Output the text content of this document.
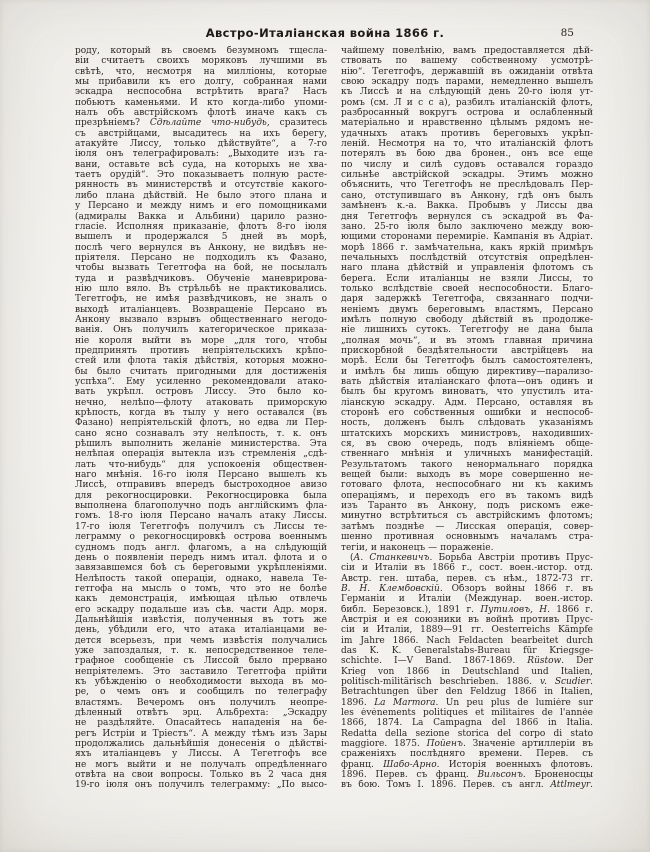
Австро-Италіанская война 1866 г.	85
роду, который въ своемъ безумномъ тщесла-
віи считаетъ своихъ моряковъ лучшими въ
свѣтѣ, что, несмотря на милліоны, которые
мы прибавили къ его долгу, собранная нами
эскадра неспособна встрѣтить врага? Насъ
побьютъ каменьями. И кто когда-либо упоми-
налъ объ австрійскомъ флотѣ иначе какъ съ
презрѣніемъ? Сдѣлайте что-нибудь, сразитесь
съ австрійцами, высадитесь на ихъ берегу,
атакуйте Лиссу, только дѣйствуйте“, а 7-го
іюля онъ телеграфировалъ: „Выходите изъ га-
вани, оставьте всѣ суда, на которыхъ не хва-
таетъ орудій“. Это показываетъ полную расте-
рянность въ министерствѣ и отсутствіе какого-
либо плана дѣйствій. Не было этого плана и
у Персано и между нимъ и его помощниками
(адмиралы Вакка и Альбини) царило разно-
гласіе. Исполняя приказаніе, флотъ 8-го іюля
вышелъ и продержался 5 дней въ морѣ,
послѣ чего вернулся въ Анкону, не видѣвъ не-
пріятеля. Персано не подходилъ къ Фазано,
чтобы вызвать Тегетгофа на бой, не посылалъ
туда и развѣдчиковъ. Обученіе маневрирова-
нію шло вяло. Въ стрѣльбѣ не практиковались.
Тегетгофъ, не имѣя развѣдчиковъ, не зналъ о
выходѣ италіанцевъ. Возвращеніе Персано въ
Анкону вызвало взрывъ общественнаго негодо-
ванія. Онъ получилъ категорическое приказа-
ніе короля выйти въ море „для того, чтобы
предпринять противъ непріятельскихъ крѣпо-
стей или флота такія дѣйствія, которыя можно-
бы было считать пригодными для достиженія
успѣха“. Ему усиленно рекомендовали атако-
вать укрѣпл. островъ Лиссу. Это было ко-
нечно, нелѣпо—флоту атаковать приморскую
крѣпость, когда въ тылу у него оставался (въ
Фазано) непріятельскій флотъ, но едва ли Пер-
сано ясно сознавалъ эту нелѣпость, т. к. онъ
рѣшилъ выполнить желаніе министерства. Эта
нелѣпая операція вытекла изъ стремленія „сдѣ-
лать что-нибудь“ для успокоенія обществен-
наго мнѣнія. 16-го іюля Персано вышелъ къ
Лиссѣ, отправивъ впередъ быстроходное авизо
для рекогносцировки. Рекогносцировка была
выполнена благополучно подъ англійскимъ фла-
гомъ. 18-го іюля Персано началъ атаку Лиссы.
17-го іюля Тегетгофъ получилъ съ Лиссы те-
леграмму о рекогносцировкѣ острова военнымъ
судномъ подъ англ. флагомъ, а на слѣдующій
день о появленіи передъ нимъ итал. флота и о
завязавшемся боѣ съ береговыми укрѣпленіями.
Нелѣпость такой операціи, однако, навела Те-
гетгофа на мысль о томъ, что это не болѣе
какъ демонстрація, имѣющая цѣлью отвлечь
его эскадру подальше изъ сѣв. части Адр. моря.
Дальнѣйшія извѣстія, полученныя въ тотъ же
день, убѣдили его, что атака италіанцами ве-
дется всерьезъ, при чемъ извѣстія получались
уже запоздалыя, т. к. непосредственное теле-
графное сообщеніе съ Лиссой было прервано
непріятелемъ. Это заставило Тегетгофа прійти
къ убѣжденію о необходимости выхода въ мо-
ре, о чемъ онъ и сообщилъ по телеграфу
властямъ. Вечеромъ онъ получилъ неопре-
дѣленный отвѣтъ эрц. Альбрехта: „Эскадру
не раздѣляйте. Опасайтесь нападенія на бе-
регъ Истріи и Тріестъ“. А между тѣмъ изъ Зары
продолжались дальнѣйшія донесенія о дѣйстві-
яхъ италіанцевъ у Лиссы. А Тегетгофъ все
не могъ выйти и не получалъ опредѣленнаго
отвѣта на свои вопросы. Только въ 2 часа дня
19-го іюля онъ получилъ телеграмму: „По высо-
чайшему повелѣнію, вамъ предоставляется дѣй-
ствовать по вашему собственному усмотрѣ-
нію“. Тегетгофъ, державшій въ ожиданіи отвѣта
свою эскадру подъ парами, немедленно вышелъ
къ Лиссѣ и на слѣдующій день 20-го іюля ут-
ромъ (см. Л и с с а), разбилъ италіанскій флотъ,
разбросанный вокругъ острова и ослабленный
матеріально и нравственно цѣлымъ рядомъ не-
удачныхъ атакъ противъ береговыхъ укрѣп-
леній. Несмотря на то, что италіанскій флотъ
потерялъ въ бою два бронен., онъ все еще
по числу и силѣ судовъ оставался гораздо
сильнѣе австрійской эскадры. Этимъ можно
объяснить, что Тегетгофъ не преслѣдовалъ Пер-
сано, отступившаго въ Анкону, гдѣ онъ былъ
замѣненъ к.-а. Вакка. Пробывъ у Лиссы два
дня Тегетгофъ вернулся съ эскадрой въ Фа-
зано. 25-го іюля было заключено между вою-
ющими сторонами перемиріе. Кампанія въ Адріат.
морѣ 1866 г. замѣчательна, какъ яркій примѣръ
печальныхъ послѣдствій отсутствія опредѣлен-
наго плана дѣйствій и управленія флотомъ съ
берега. Если италіанцы не взяли Лиссы, то
только вслѣдствіе своей неспособности. Благо-
даря задержкѣ Тегетгофа, связаннаго подчи-
неніемъ двумъ береговымъ властямъ, Персано
имѣлъ полную свободу дѣйствій въ продолже-
ніе лишнихъ сутокъ. Тегетгофу не дана была
„полная мочь“, и въ этомъ главная причина
прискорбной бездѣятельности австрійцевъ на
морѣ. Если бы Тегетгофъ былъ самостоятеленъ,
и имѣлъ бы лишь общую директиву—парализо-
вать дѣйствія италіанскаго флота—онъ одинъ и
былъ бы кругомъ виноватъ, что упустилъ ита-
ліанскую эскадру. Адм. Персано, оставляя въ
сторонѣ его собственныя ошибки и неспособ-
ность, долженъ былъ слѣдовать указаніямъ
штатскихъ морскихъ министровъ, находивших-
ся, въ свою очередь, подъ вліяніемъ обще-
ственнаго мнѣнія и уличныхъ манифестацій.
Результатомъ такого ненормальнаго порядка
вещей были: выходъ въ море совершенно не-
готоваго флота, неспособнаго ни къ какимъ
операціямъ, и переходъ его въ такомъ видѣ
изъ Таранто въ Анкону, подъ рискомъ еже-
минутно встрѣтиться съ австрійскимъ флотомъ;
затѣмъ позднѣе — Лисская операція, совер-
шенно противная основнымъ началамъ стра-
тегіи, и наконецъ — пораженіе.
(А. Станкевичъ. Борьба Австріи противъ Прус-
сіи и Италіи въ 1866 г., сост. воен.-истор. отд.
Австр. ген. штаба, перев. съ нѣм., 1872-73 гг.
В. Н. Клембовскій. Обзоръ войны 1866 г. въ
Германіи и Италіи (Междунар. воен.-истор.
библ. Березовск.), 1891 г. Путиловъ, Н. 1866 г.
Австрія и ея союзники въ войнѣ противъ Прус-
сіи и Италіи, 1889—91 гг. Oesterreichs Kämpfe
im Jahre 1866. Nach Feldacten bearbeitet durch
das K. K. Generalstabs-Bureau für Kriegsge-
schichte. I—V Band. 1867-1869. Rüstow. Der
Krieg von 1866 in Deutschland und Italien,
politisch-militärisch beschrieben. 1886. v. Scudier.
Betrachtungen über den Feldzug 1866 in Italien,
1896. La Marmora. Un peu plus de lumiére sur
les événements politiques et militaires de l'année
1866, 1874. La Campagna del 1866 in Italia.
Redatta della sezione storica del corpo di stato
maggiore. 1875. Пойенъ. Значеніе артиллеріи въ
сраженіяхъ послѣдняго времени. Перев. съ
франц. Шабо-Арно. Исторія военныхъ флотовъ.
1896. Перев. съ франц. Вильсонъ. Броненосцы
въ бою. Томъ I. 1896. Перев. съ англ. Attlmeyr.
